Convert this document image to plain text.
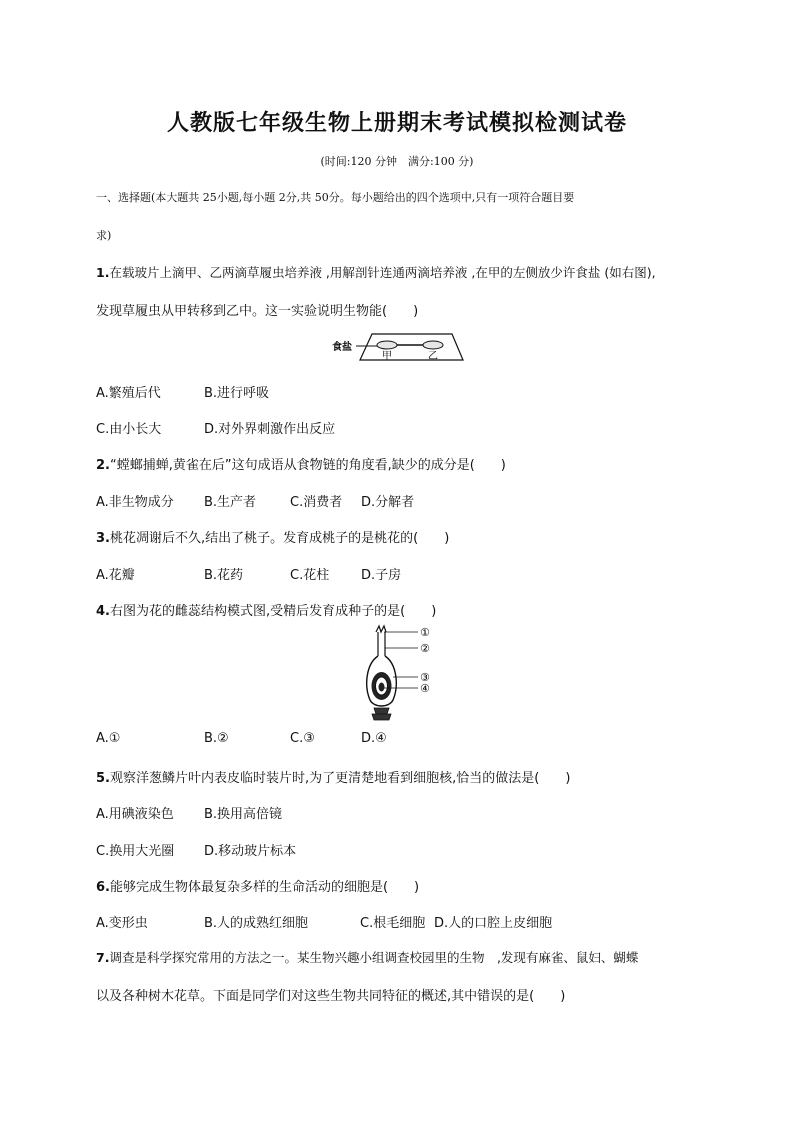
人教版七年级生物上册期末考试模拟检测试卷
(时间:120 分钟　满分:100 分)
一、选择题(本大题共 25小题,每小题 2分,共 50分。每小题给出的四个选项中,只有一项符合题目要
求)
1.在载玻片上滴甲、乙两滴草履虫培养液 ,用解剖针连通两滴培养液 ,在甲的左侧放少许食盐 (如右图),
发现草履虫从甲转移到乙中。这一实验说明生物能(　　)
食盐
甲	乙
A.繁殖后代	B.进行呼吸
C.由小长大	D.对外界刺激作出反应
2.“螳螂捕蝉,黄雀在后”这句成语从食物链的角度看,缺少的成分是(　　)
A.非生物成分 B.生产者	C.消费者 D.分解者
3.桃花凋谢后不久,结出了桃子。发育成桃子的是桃花的(　　)
A.花瓣	B.花药	C.花柱 D.子房
4.右图为花的雌蕊结构模式图,受精后发育成种子的是(　　)
①
②
③
④
A.①	B.②	C.③	D.④
5.观察洋葱鳞片叶内表皮临时装片时,为了更清楚地看到细胞核,恰当的做法是(　　)
A.用碘液染色 B.换用高倍镜
C.换用大光圈 D.移动玻片标本
6.能够完成生物体最复杂多样的生命活动的细胞是(　　)
A.变形虫	B.人的成熟红细胞	C.根毛细胞 D.人的口腔上皮细胞
7.调查是科学探究常用的方法之一。某生物兴趣小组调查校园里的生物　,发现有麻雀、鼠妇、蝴蝶
以及各种树木花草。下面是同学们对这些生物共同特征的概述,其中错误的是(　　)
